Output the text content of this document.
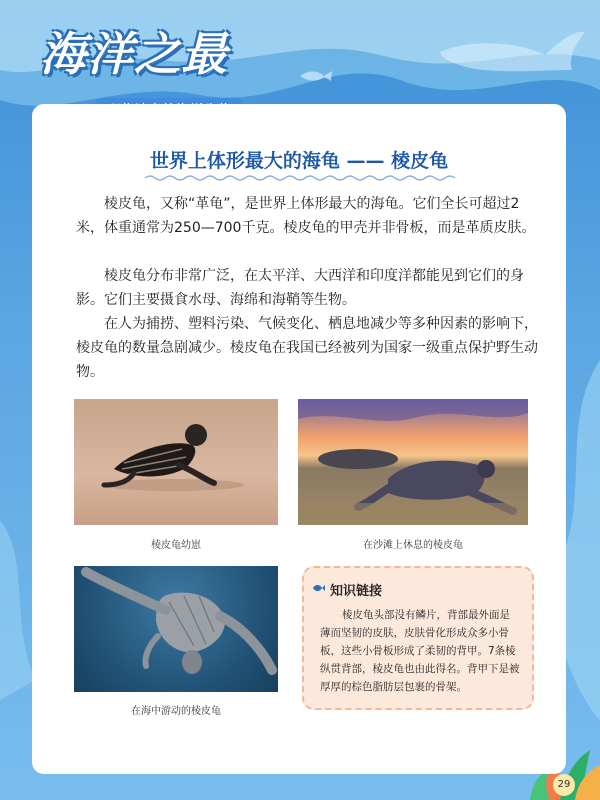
海洋之最
世界上体形最大的海龟 —— 棱皮龟

棱皮龟，又称“革龟”，是世界上体形最大的海龟。它们全长可超过2米，体重通常为250—700千克。棱皮龟的甲壳并非骨板，而是革质皮肤。

棱皮龟分布非常广泛，在太平洋、大西洋和印度洋都能见到它们的身影。它们主要摄食水母、海绵和海鞘等生物。

在人为捕捞、塑料污染、气候变化、栖息地减少等多种因素的影响下，棱皮龟的数量急剧减少。棱皮龟在我国已经被列为国家一级重点保护野生动物。

棱皮龟幼崽	在沙滩上休息的棱皮龟
在海中游动的棱皮龟
知识链接

棱皮龟头部没有鳞片，背部最外面是薄而坚韧的皮肤，皮肤骨化形成众多小骨板，这些小骨板形成了柔韧的背甲。7条棱纵贯背部，棱皮龟也由此得名。背甲下是被厚厚的棕色脂肪层包裹的骨架。

29
